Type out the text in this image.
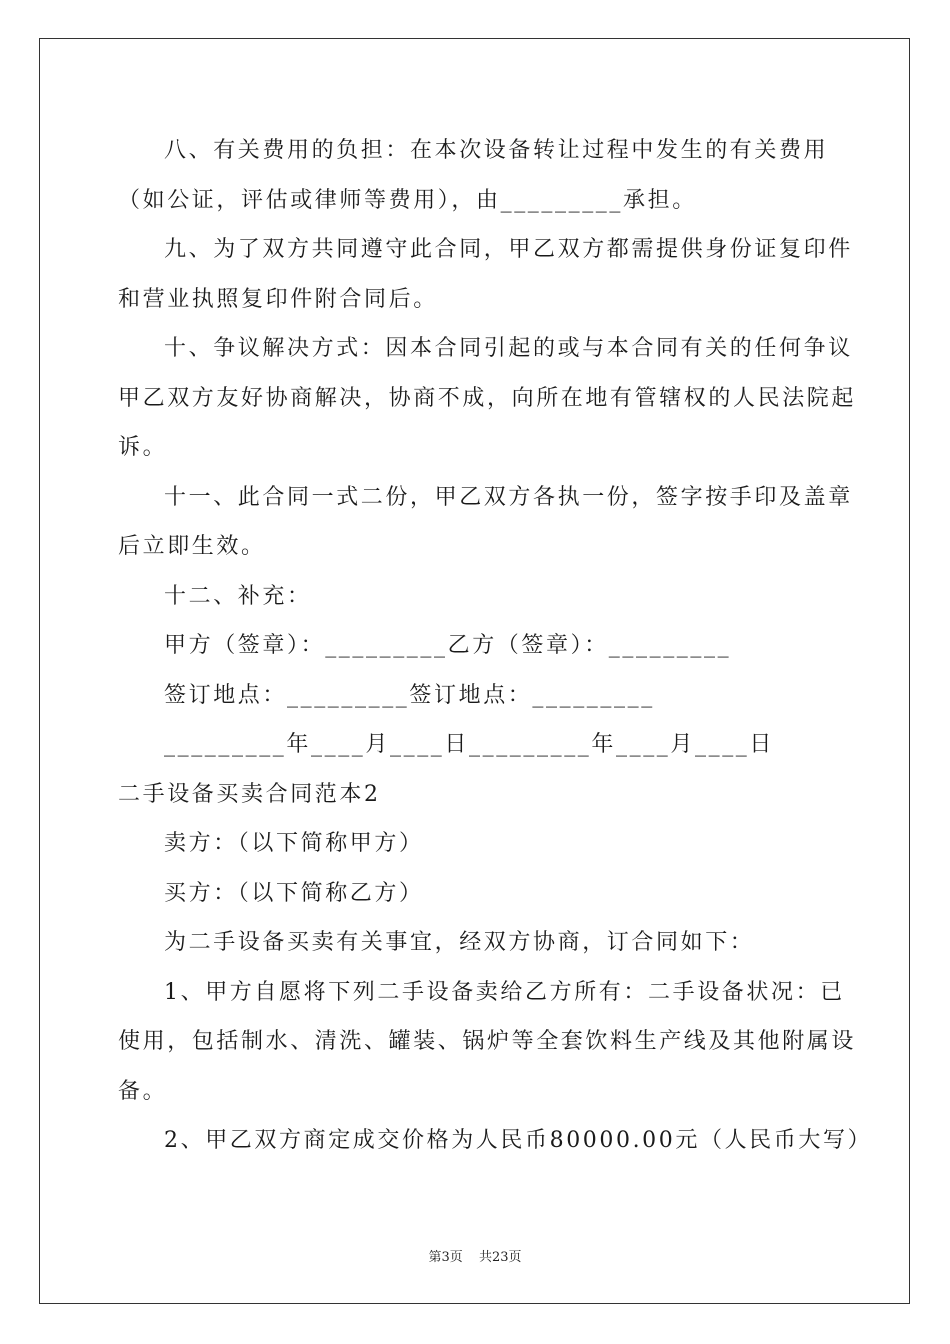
八、有关费用的负担：在本次设备转让过程中发生的有关费用
（如公证，评估或律师等费用），由_________承担。
九、为了双方共同遵守此合同，甲乙双方都需提供身份证复印件
和营业执照复印件附合同后。
十、争议解决方式：因本合同引起的或与本合同有关的任何争议
甲乙双方友好协商解决，协商不成，向所在地有管辖权的人民法院起
诉。
十一、此合同一式二份，甲乙双方各执一份，签字按手印及盖章
后立即生效。
十二、补充：
甲方（签章）：_________乙方（签章）：_________
签订地点：_________签订地点：_________
_________年____月____日_________年____月____日
二手设备买卖合同范本2
卖方：（以下简称甲方）
买方：（以下简称乙方）
为二手设备买卖有关事宜，经双方协商，订合同如下：
1、甲方自愿将下列二手设备卖给乙方所有：二手设备状况：已
使用，包括制水、清洗、罐装、锅炉等全套饮料生产线及其他附属设
备。
2、甲乙双方商定成交价格为人民币80000.00元（人民币大写）
第3页 共23页
